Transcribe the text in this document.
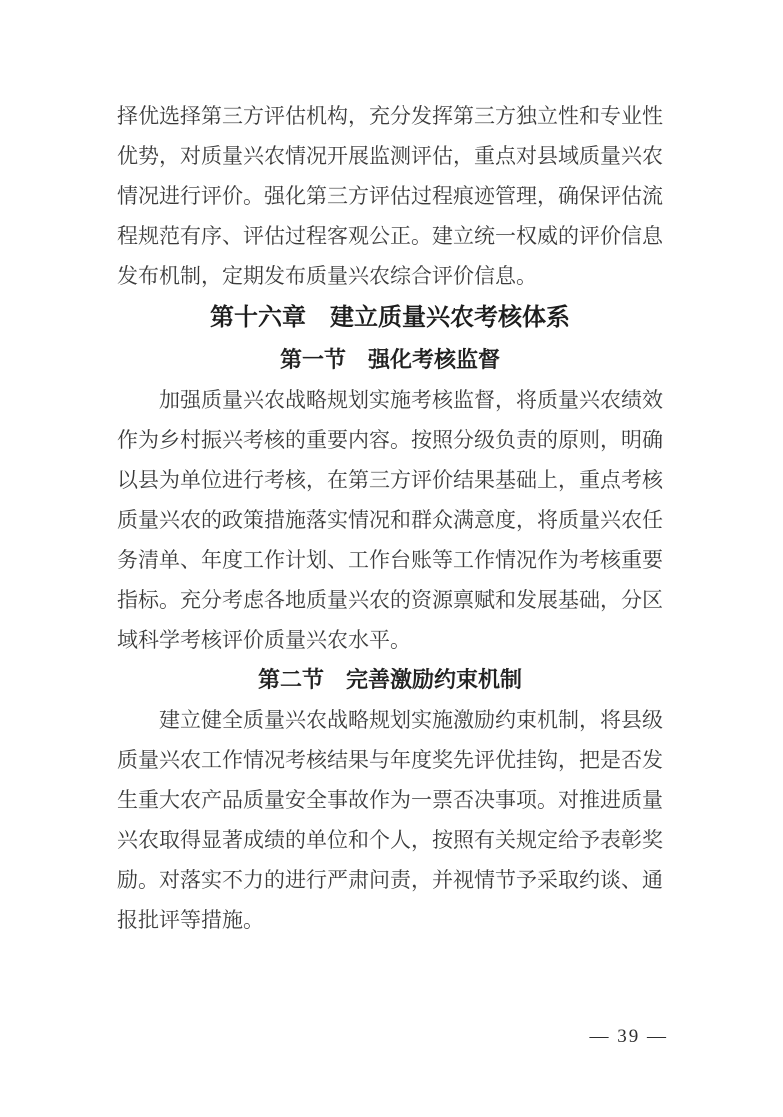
择优选择第三方评估机构，充分发挥第三方独立性和专业性优势，对质量兴农情况开展监测评估，重点对县域质量兴农情况进行评价。强化第三方评估过程痕迹管理，确保评估流程规范有序、评估过程客观公正。建立统一权威的评价信息发布机制，定期发布质量兴农综合评价信息。

第十六章　建立质量兴农考核体系
第一节　强化考核监督

加强质量兴农战略规划实施考核监督，将质量兴农绩效作为乡村振兴考核的重要内容。按照分级负责的原则，明确以县为单位进行考核，在第三方评价结果基础上，重点考核质量兴农的政策措施落实情况和群众满意度，将质量兴农任务清单、年度工作计划、工作台账等工作情况作为考核重要指标。充分考虑各地质量兴农的资源禀赋和发展基础，分区域科学考核评价质量兴农水平。

第二节　完善激励约束机制

建立健全质量兴农战略规划实施激励约束机制，将县级质量兴农工作情况考核结果与年度奖先评优挂钩，把是否发生重大农产品质量安全事故作为一票否决事项。对推进质量兴农取得显著成绩的单位和个人，按照有关规定给予表彰奖励。对落实不力的进行严肃问责，并视情节予采取约谈、通报批评等措施。

— 39 —
